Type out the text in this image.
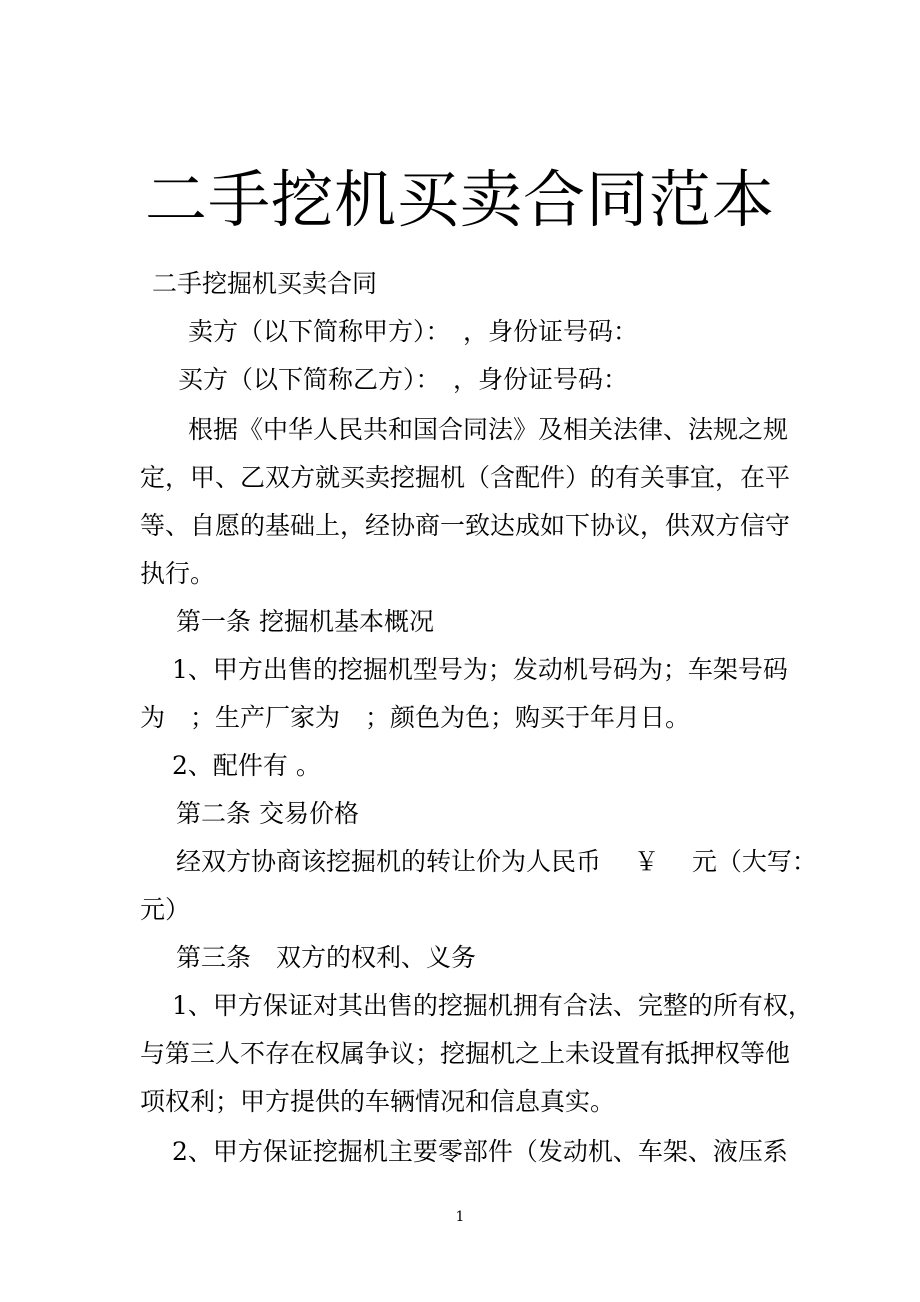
二手挖机买卖合同范本
二手挖掘机买卖合同
卖方（以下简称甲方）：　，身份证号码：
买方（以下简称乙方）：　，身份证号码：
根据《中华人民共和国合同法》及相关法律、法规之规
定，甲、乙双方就买卖挖掘机（含配件）的有关事宜，在平
等、自愿的基础上，经协商一致达成如下协议，供双方信守
执行。
第一条 挖掘机基本概况
1、甲方出售的挖掘机型号为；发动机号码为；车架号码
为　；生产厂家为　；颜色为色；购买于年月日。
2、配件有 。
第二条 交易价格
经双方协商该挖掘机的转让价为人民币　 ￥　 元（大写：
元）
第三条　双方的权利、义务
1、甲方保证对其出售的挖掘机拥有合法、完整的所有权，
与第三人不存在权属争议；挖掘机之上未设置有抵押权等他
项权利；甲方提供的车辆情况和信息真实。
2、甲方保证挖掘机主要零部件（发动机、车架、液压系
1
